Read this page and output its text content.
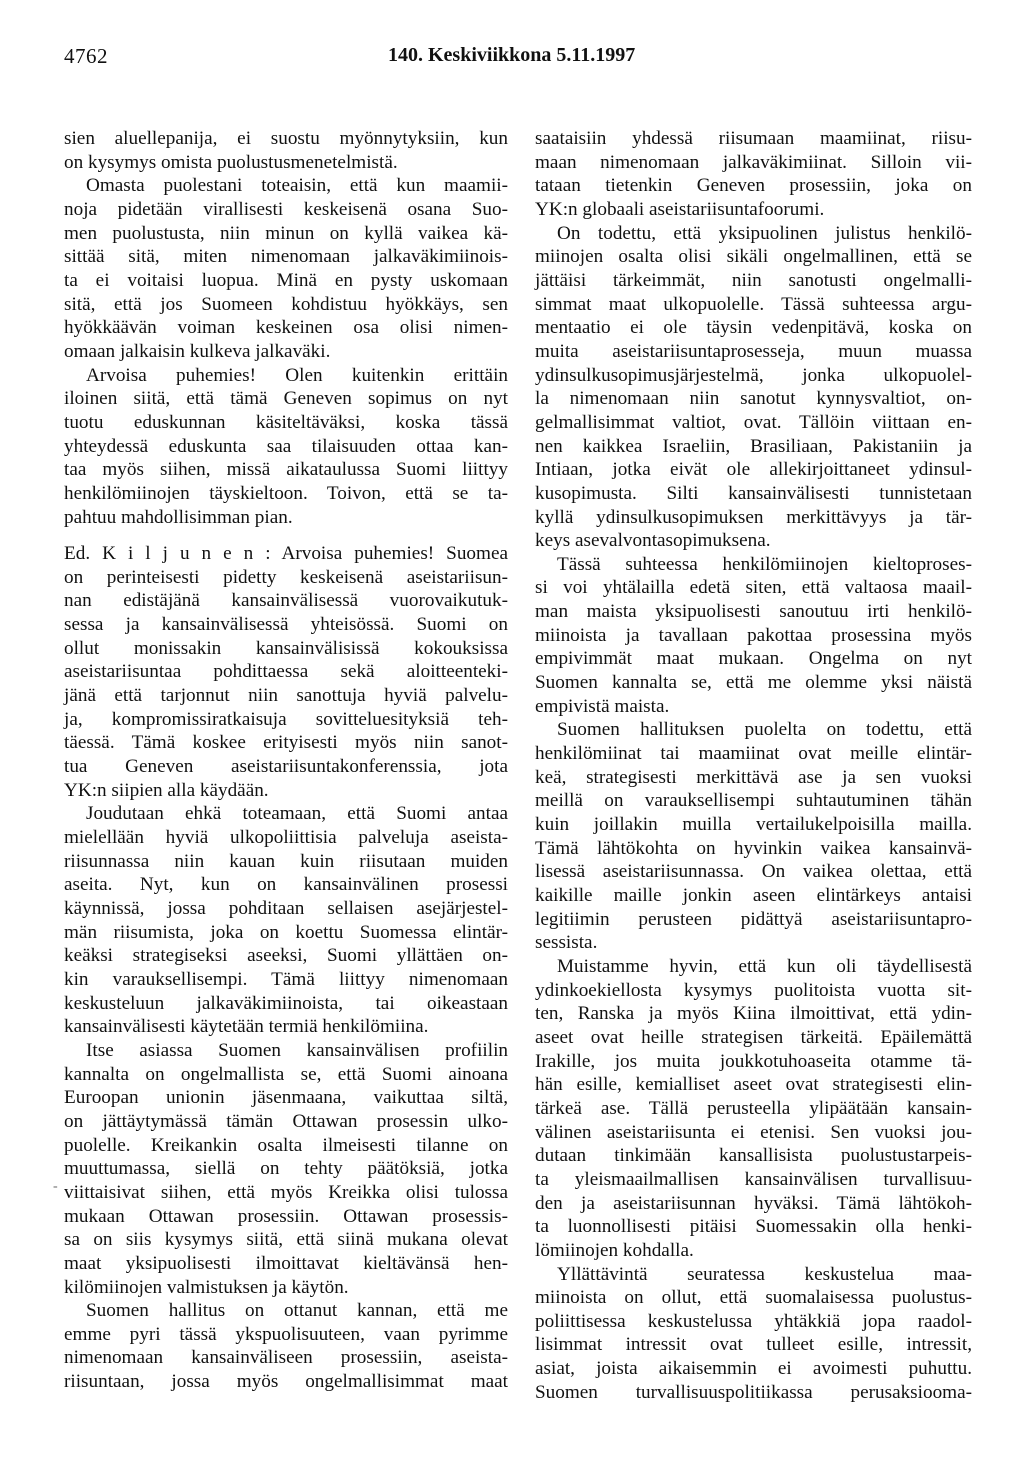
4762	140. Keskiviikkona 5.11.1997
sien aluellepanija, ei suostu myönnytyksiin, kun
on kysymys omista puolustusmenetelmistä.
Omasta puolestani toteaisin, että kun maamii-
noja pidetään virallisesti keskeisenä osana Suo-
men puolustusta, niin minun on kyllä vaikea kä-
sittää sitä, miten nimenomaan jalkaväkimiinois-
ta ei voitaisi luopua. Minä en pysty uskomaan
sitä, että jos Suomeen kohdistuu hyökkäys, sen
hyökkäävän voiman keskeinen osa olisi nimen-
omaan jalkaisin kulkeva jalkaväki.
Arvoisa puhemies! Olen kuitenkin erittäin
iloinen siitä, että tämä Geneven sopimus on nyt
tuotu eduskunnan käsiteltäväksi, koska tässä
yhteydessä eduskunta saa tilaisuuden ottaa kan-
taa myös siihen, missä aikataulussa Suomi liittyy
henkilömiinojen täyskieltoon. Toivon, että se ta-
pahtuu mahdollisimman pian.
Ed. K i l j u n e n : Arvoisa puhemies! Suomea
on perinteisesti pidetty keskeisenä aseistariisun-
nan edistäjänä kansainvälisessä vuorovaikutuk-
sessa ja kansainvälisessä yhteisössä. Suomi on
ollut monissakin kansainvälisissä kokouksissa
aseistariisuntaa pohdittaessa sekä aloitteentеki-
jänä että tarjonnut niin sanottuja hyviä palvelu-
ja, kompromissiratkaisuja sovitteluesityksiä teh-
täessä. Tämä koskee erityisesti myös niin sanot-
tua Geneven aseistariisuntakonferenssia, jota
YK:n siipien alla käydään.
Joudutaan ehkä toteamaan, että Suomi antaa
mielellään hyviä ulkopoliittisia palveluja aseista-
riisunnassa niin kauan kuin riisutaan muiden
aseita. Nyt, kun on kansainvälinen prosessi
käynnissä, jossa pohditaan sellaisen asejärjestel-
män riisumista, joka on koettu Suomessa elintär-
keäksi strategiseksi aseeksi, Suomi yllättäen on-
kin varauksellisempi. Tämä liittyy nimenomaan
keskusteluun jalkaväkimiinoista, tai oikeastaan
kansainvälisesti käytetään termiä henkilömiina.
Itse asiassa Suomen kansainvälisen profiilin
kannalta on ongelmallista se, että Suomi ainoana
Euroopan unionin jäsenmaana, vaikuttaa siltä,
on jättäytymässä tämän Ottawan prosessin ulko-
puolelle. Kreikankin osalta ilmeisesti tilanne on
muuttumassa, siellä on tehty päätöksiä, jotka
viittaisivat siihen, että myös Kreikka olisi tulossa
mukaan Ottawan prosessiin. Ottawan prosessis-
sa on siis kysymys siitä, että siinä mukana olevat
maat yksipuolisesti ilmoittavat kieltävänsä hen-
kilömiinojen valmistuksen ja käytön.
Suomen hallitus on ottanut kannan, että me
emme pyri tässä ykspuolisuuteen, vaan pyrimme
nimenomaan kansainväliseen prosessiin, aseista-
riisuntaan, jossa myös ongelmallisimmat maat
saataisiin yhdessä riisumaan maamiinat, riisu-
maan nimenomaan jalkaväkimiinat. Silloin vii-
tataan tietenkin Geneven prosessiin, joka on
YK:n globaali aseistariisuntafoorumi.
On todettu, että yksipuolinen julistus henkilö-
miinojen osalta olisi sikäli ongelmallinen, että se
jättäisi tärkeimmät, niin sanotusti ongelmalli-
simmat maat ulkopuolelle. Tässä suhteessa argu-
mentaatio ei ole täysin vedenpitävä, koska on
muita aseistariisuntaprosesseja, muun muassa
ydinsulkusopimusjärjestelmä, jonka ulkopuolel-
la nimenomaan niin sanotut kynnysvaltiot, on-
gelmallisimmat valtiot, ovat. Tällöin viittaan en-
nen kaikkea Israeliin, Brasiliaan, Pakistaniin ja
Intiaan, jotka eivät ole allekirjoittaneet ydinsul-
kusopimusta. Silti kansainvälisesti tunnistetaan
kyllä ydinsulkusopimuksen merkittävyys ja tär-
keys asevalvontasopimuksena.
Tässä suhteessa henkilömiinojen kieltoproses-
si voi yhtälailla edetä siten, että valtaosa maail-
man maista yksipuolisesti sanoutuu irti henkilö-
miinoista ja tavallaan pakottaa prosessina myös
empivimmät maat mukaan. Ongelma on nyt
Suomen kannalta se, että me olemme yksi näistä
empivistä maista.
Suomen hallituksen puolelta on todettu, että
henkilömiinat tai maamiinat ovat meille elintär-
keä, strategisesti merkittävä ase ja sen vuoksi
meillä on varauksellisempi suhtautuminen tähän
kuin joillakin muilla vertailukelpoisilla mailla.
Tämä lähtökohta on hyvinkin vaikea kansainvä-
lisessä aseistariisunnassa. On vaikea olettaa, että
kaikille maille jonkin aseen elintärkeys antaisi
legitiimin perusteen pidättyä aseistariisuntapro-
sessista.
Muistamme hyvin, että kun oli täydellisestä
ydinkoekiellosta kysymys puolitoista vuotta sit-
ten, Ranska ja myös Kiina ilmoittivat, että ydin-
aseet ovat heille strategisen tärkeitä. Epäilemättä
Irakille, jos muita joukkotuhoaseita otamme tä-
hän esille, kemialliset aseet ovat strategisesti elin-
tärkeä ase. Tällä perusteella ylipäätään kansain-
välinen aseistariisunta ei etenisi. Sen vuoksi jou-
dutaan tinkimään kansallisista puolustustarpeis-
ta yleismaailmallisen kansainvälisen turvallisuu-
den ja aseistariisunnan hyväksi. Tämä lähtökoh-
ta luonnollisesti pitäisi Suomessakin olla henki-
lömiinojen kohdalla.
Yllättävintä seuratessa keskustelua maa-
miinoista on ollut, että suomalaisessa puolustus-
poliittisessa keskustelussa yhtäkkiä jopa raadol-
lisimmat intressit ovat tulleet esille, intressit,
asiat, joista aikaisemmin ei avoimesti puhuttu.
Suomen turvallisuuspolitiikassa perusaksiooma-
-
